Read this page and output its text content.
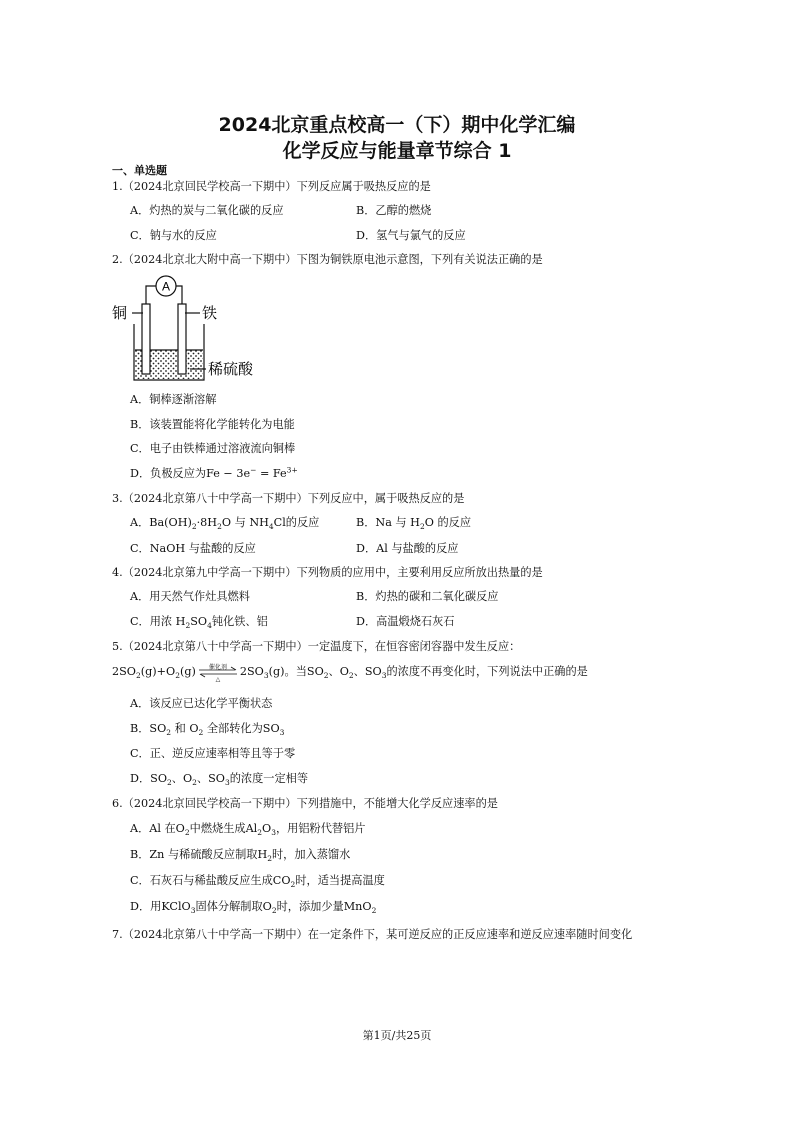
2024北京重点校高一（下）期中化学汇编
化学反应与能量章节综合 1
一、单选题
1.（2024北京回民学校高一下期中）下列反应属于吸热反应的是
A．灼热的炭与二氧化碳的反应	B．乙醇的燃烧
C．钠与水的反应	D．氢气与氯气的反应
2.（2024北京北大附中高一下期中）下图为铜铁原电池示意图，下列有关说法正确的是
A
铜	铁
稀硫酸
A．铜棒逐渐溶解
B．该装置能将化学能转化为电能
C．电子由铁棒通过溶液流向铜棒
D．负极反应为$Fe - 3e^- = Fe^{3+}$
3.（2024北京第八十中学高一下期中）下列反应中，属于吸热反应的是
A．$Ba(OH)_2\cdot 8H_2O$ 与 $NH_4Cl$的反应	B．Na 与 $H_2O$ 的反应
C．NaOH 与盐酸的反应	D．Al 与盐酸的反应
4.（2024北京第九中学高一下期中）下列物质的应用中，主要利用反应所放出热量的是
A．用天然气作灶具燃料	B．灼热的碳和二氧化碳反应
C．用浓 $H_2SO_4$钝化铁、铝	D．高温煅烧石灰石
5.（2024北京第八十中学高一下期中）一定温度下，在恒容密闭容器中发生反应：
$2SO_2(g)+O_2(g)$	催化剂
△
$2SO_3(g)$。当$SO_2$、$O_2$、$SO_3$的浓度不再变化时，下列说法中正确的是
A．该反应已达化学平衡状态
B．$SO_2$ 和 $O_2$ 全部转化为$SO_3$
C．正、逆反应速率相等且等于零
D．$SO_2$、$O_2$、$SO_3$的浓度一定相等
6.（2024北京回民学校高一下期中）下列措施中，不能增大化学反应速率的是
A．Al 在$O_2$中燃烧生成$Al_2O_3$，用铝粉代替铝片
B．Zn 与稀硫酸反应制取$H_2$时，加入蒸馏水
C．石灰石与稀盐酸反应生成$CO_2$时，适当提高温度
D．用KClO$_3$固体分解制取$O_2$时，添加少量MnO$_2$
7.（2024北京第八十中学高一下期中）在一定条件下，某可逆反应的正反应速率和逆反应速率随时间变化
第1页/共25页
